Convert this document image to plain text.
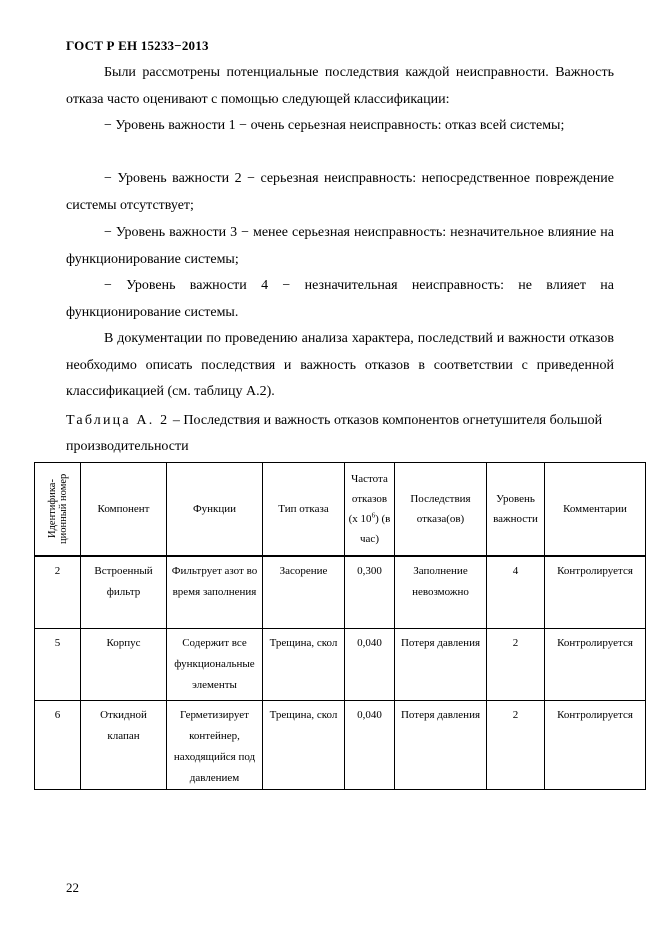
ГОСТ Р ЕН 15233−2013
Были рассмотрены потенциальные последствия каждой неисправности. Важность отказа часто оценивают с помощью следующей классификации:
− Уровень важности 1 − очень серьезная неисправность: отказ всей системы;
− Уровень важности 2 − серьезная неисправность: непосредственное повреждение системы отсутствует;
− Уровень важности 3 − менее серьезная неисправность: незначительное влияние на функционирование системы;
− Уровень важности 4 − незначительная неисправность: не влияет на функционирование системы.
В документации по проведению анализа характера, последствий и важности отказов необходимо описать последствия и важность отказов в соответствии с приведенной классификацией (см. таблицу А.2).
Таблица А. 2 – Последствия и важность отказов компонентов огнетушителя большой производительности
Идентифика-ционный номер	Компонент	Функции	Тип отказа	Частота отказов (х $10^6$) (в час)	Последствия отказа(ов)	Уровень важности	Комментарии
2	Встроенный фильтр	Фильтрует азот во время заполнения	Засорение	0,300	Заполнение невозможно	4	Контролируется
5	Корпус	Содержит все функциональные элементы	Трещина, скол	0,040	Потеря давления	2	Контролируется
6	Откидной клапан	Герметизирует контейнер, находящийся под давлением	Трещина, скол	0,040	Потеря давления	2	Контролируется
22
